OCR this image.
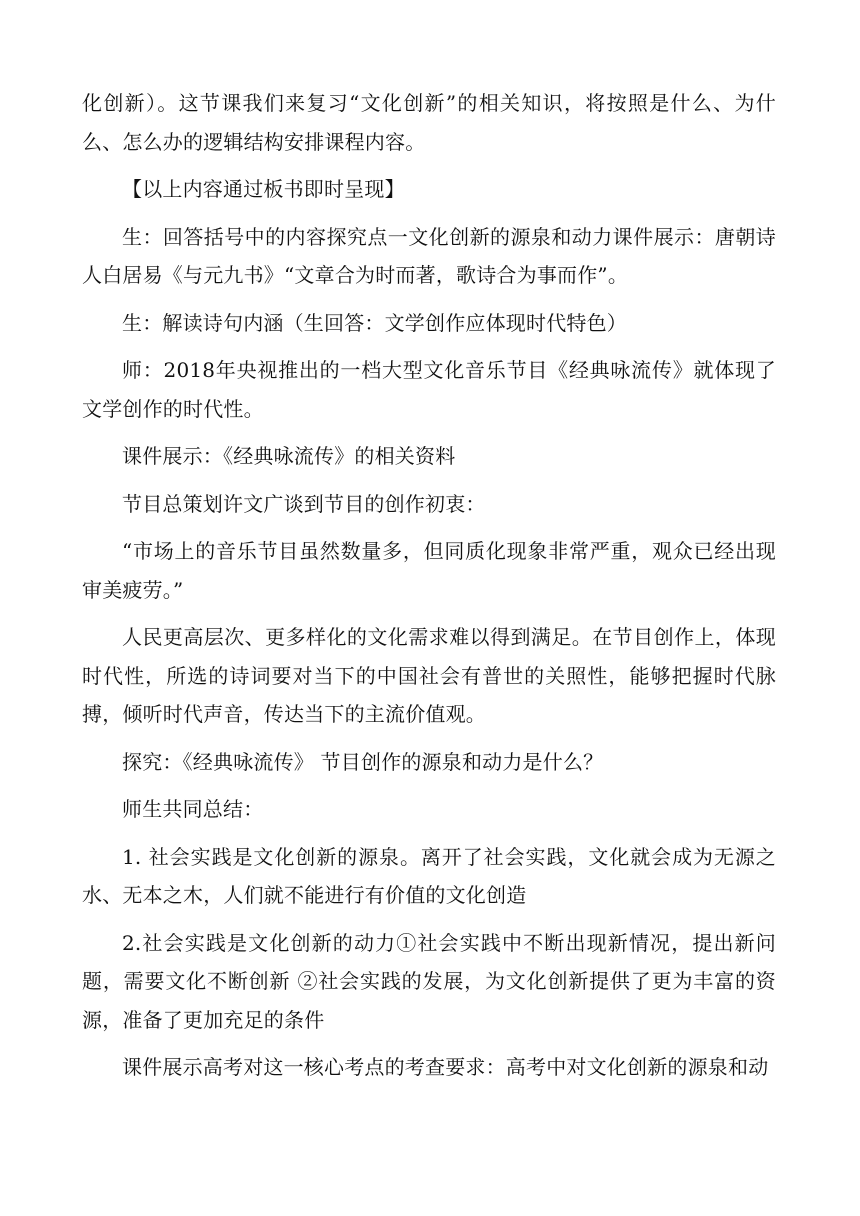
化创新）。这节课我们来复习“文化创新”的相关知识，将按照是什么、为什么、怎么办的逻辑结构安排课程内容。

【以上内容通过板书即时呈现】

生：回答括号中的内容探究点一文化创新的源泉和动力课件展示：唐朝诗人白居易《与元九书》“文章合为时而著，歌诗合为事而作”。

生：解读诗句内涵（生回答：文学创作应体现时代特色）

师：2018年央视推出的一档大型文化音乐节目《经典咏流传》就体现了文学创作的时代性。

课件展示：《经典咏流传》的相关资料

节目总策划许文广谈到节目的创作初衷：

“市场上的音乐节目虽然数量多，但同质化现象非常严重，观众已经出现审美疲劳。”

人民更高层次、更多样化的文化需求难以得到满足。在节目创作上，体现时代性，所选的诗词要对当下的中国社会有普世的关照性，能够把握时代脉搏，倾听时代声音，传达当下的主流价值观。

探究：《经典咏流传》 节目创作的源泉和动力是什么？

师生共同总结：

1. 社会实践是文化创新的源泉。离开了社会实践，文化就会成为无源之水、无本之木，人们就不能进行有价值的文化创造

2.社会实践是文化创新的动力①社会实践中不断出现新情况，提出新问题，需要文化不断创新 ②社会实践的发展，为文化创新提供了更为丰富的资源，准备了更加充足的条件

课件展示高考对这一核心考点的考查要求：高考中对文化创新的源泉和动
